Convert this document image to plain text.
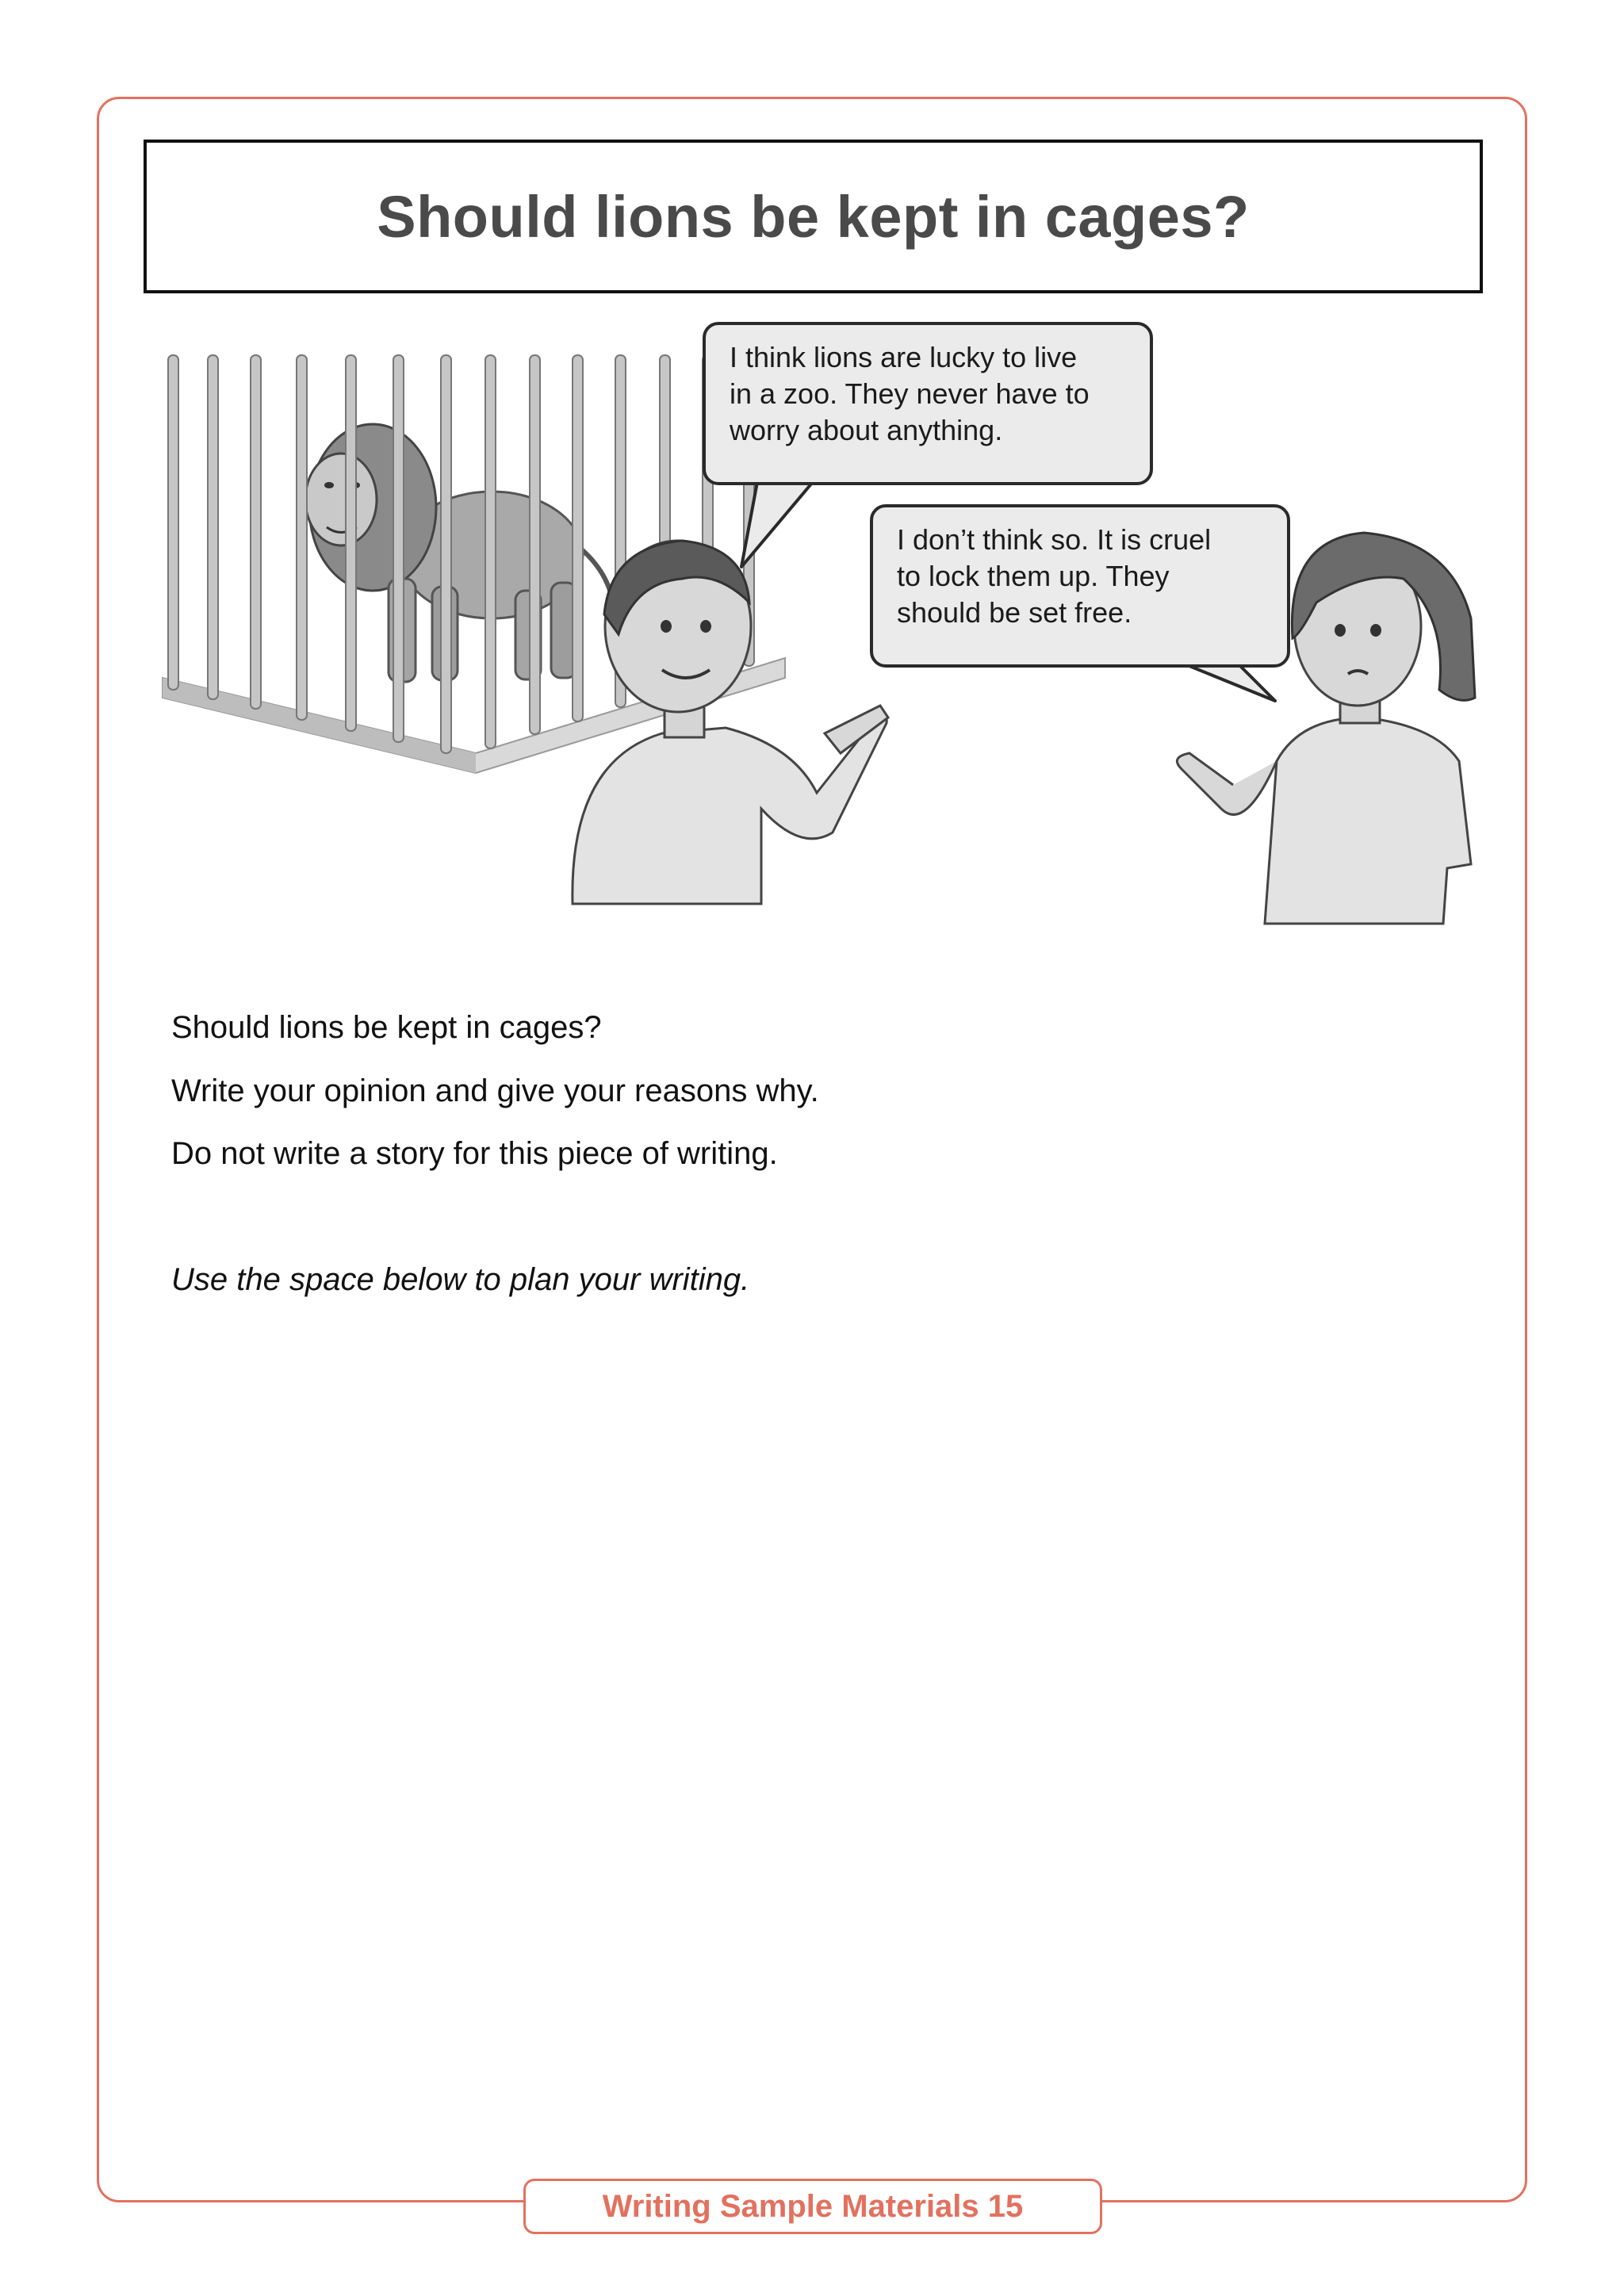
Should lions be kept in cages?
I think lions are lucky to live
in a zoo. They never have to
worry about anything.
I don’t think so. It is cruel
to lock them up. They
should be set free.

Should lions be kept in cages?

Write your opinion and give your reasons why.

Do not write a story for this piece of writing.

Use the space below to plan your writing.

Writing Sample Materials 15
